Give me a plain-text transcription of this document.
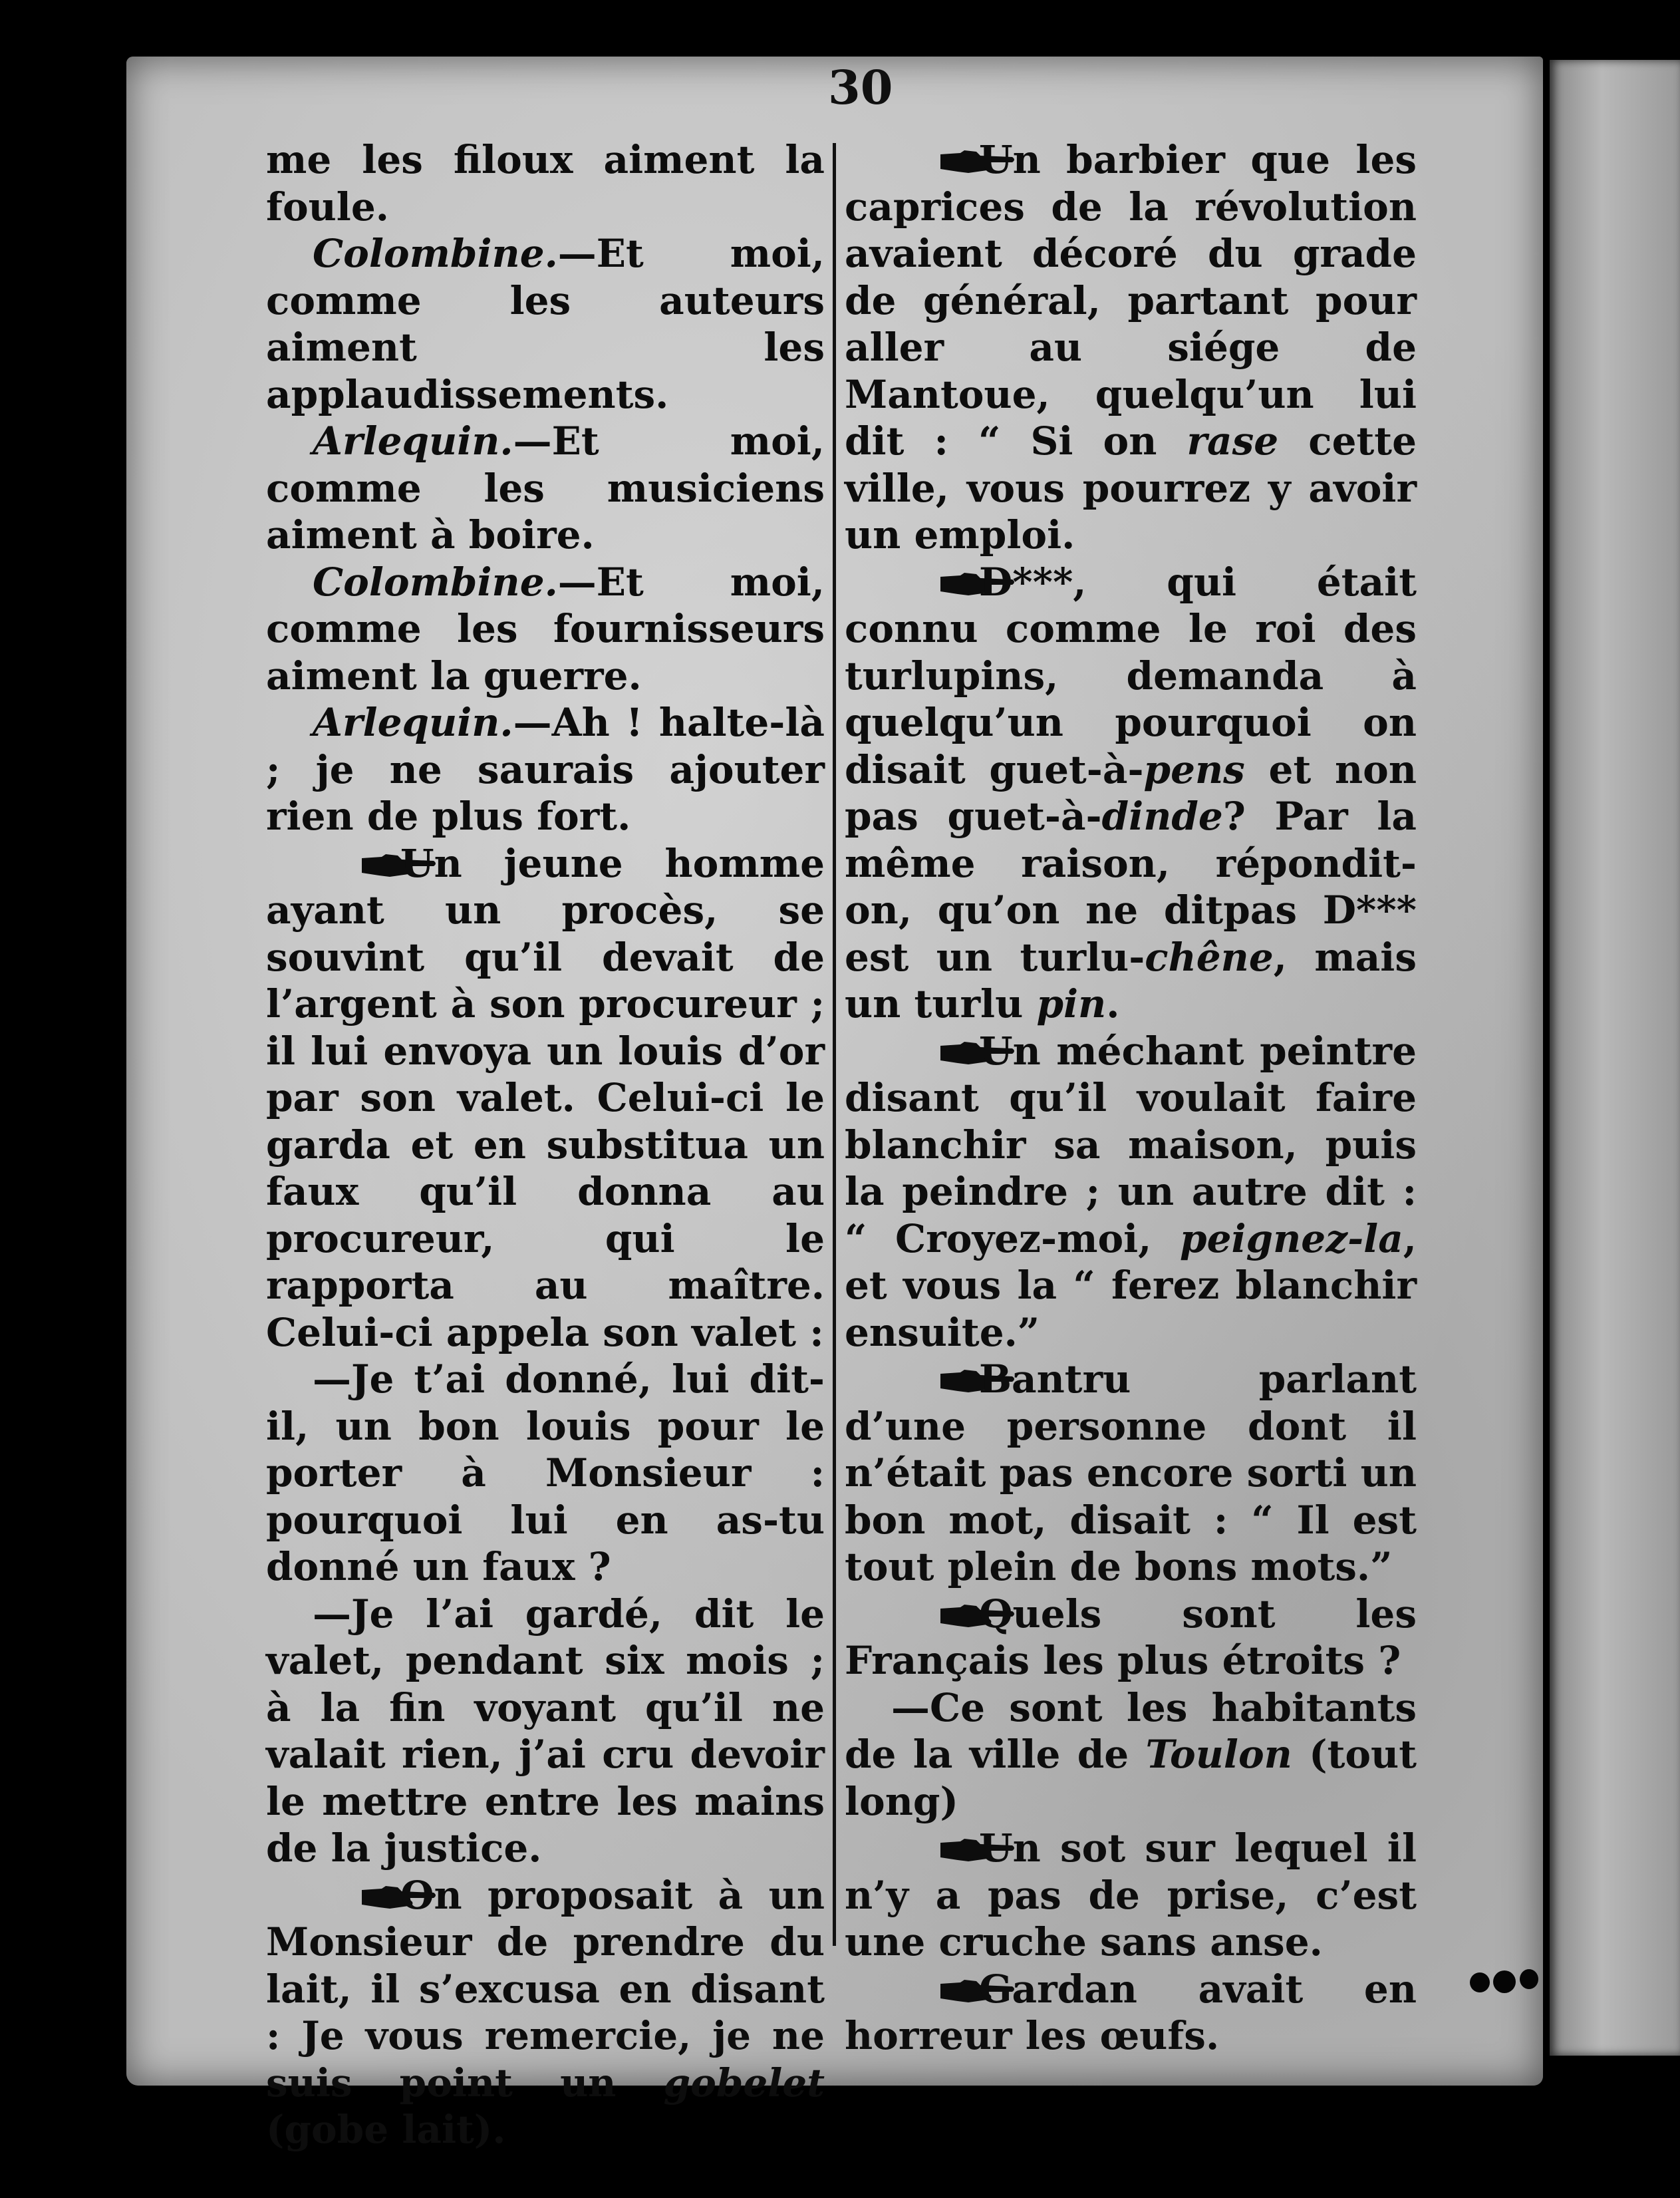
30

me les filoux aiment la foule.

Colombine.—Et moi, comme les auteurs aiment les applaudissements.

Arlequin.—Et moi, comme les musiciens aiment à boire.

Colombine.—Et moi, comme les fournisseurs aiment la guerre.

Arlequin.—Ah ! halte-là ; je ne saurais ajouter rien de plus fort.

Un jeune homme ayant un procès, se souvint qu’il devait de l’argent à son procureur ; il lui envoya un louis d’or par son valet. Celui-ci le garda et en substitua un faux qu’il donna au procureur, qui le rapporta au maître. Celui-ci appela son valet :

—Je t’ai donné, lui dit-il, un bon louis pour le porter à Monsieur : pourquoi lui en as-tu donné un faux ?

—Je l’ai gardé, dit le valet, pendant six mois ; à la fin voyant qu’il ne valait rien, j’ai cru devoir le mettre entre les mains de la justice.

On proposait à un Monsieur de prendre du lait, il s’excusa en disant : Je vous remercie, je ne suis point un gobelet (gobe lait).

Un barbier que les caprices de la révolution avaient décoré du grade de général, partant pour aller au siége de Mantoue, quelqu’un lui dit : “ Si on rase cette ville, vous pourrez y avoir un emploi.

D***, qui était connu comme le roi des turlupins, demanda à quelqu’un pourquoi on disait guet-à-pens et non pas guet-à-dinde? Par la même raison, répondit-on, qu’on ne ditpas D*** est un turlu-chêne, mais un turlu pin.

Un méchant peintre disant qu’il voulait faire blanchir sa maison, puis la peindre ; un autre dit : “ Croyez-moi, peignez-la, et vous la “ ferez blanchir ensuite.”

Bantru parlant d’une personne dont il n’était pas encore sorti un bon mot, disait : “ Il est tout plein de bons mots.”

Quels sont les Français les plus étroits ?

—Ce sont les habitants de la ville de Toulon (tout long)

Un sot sur lequel il n’y a pas de prise, c’est une cruche sans anse.

Gardan avait en horreur les œufs.
